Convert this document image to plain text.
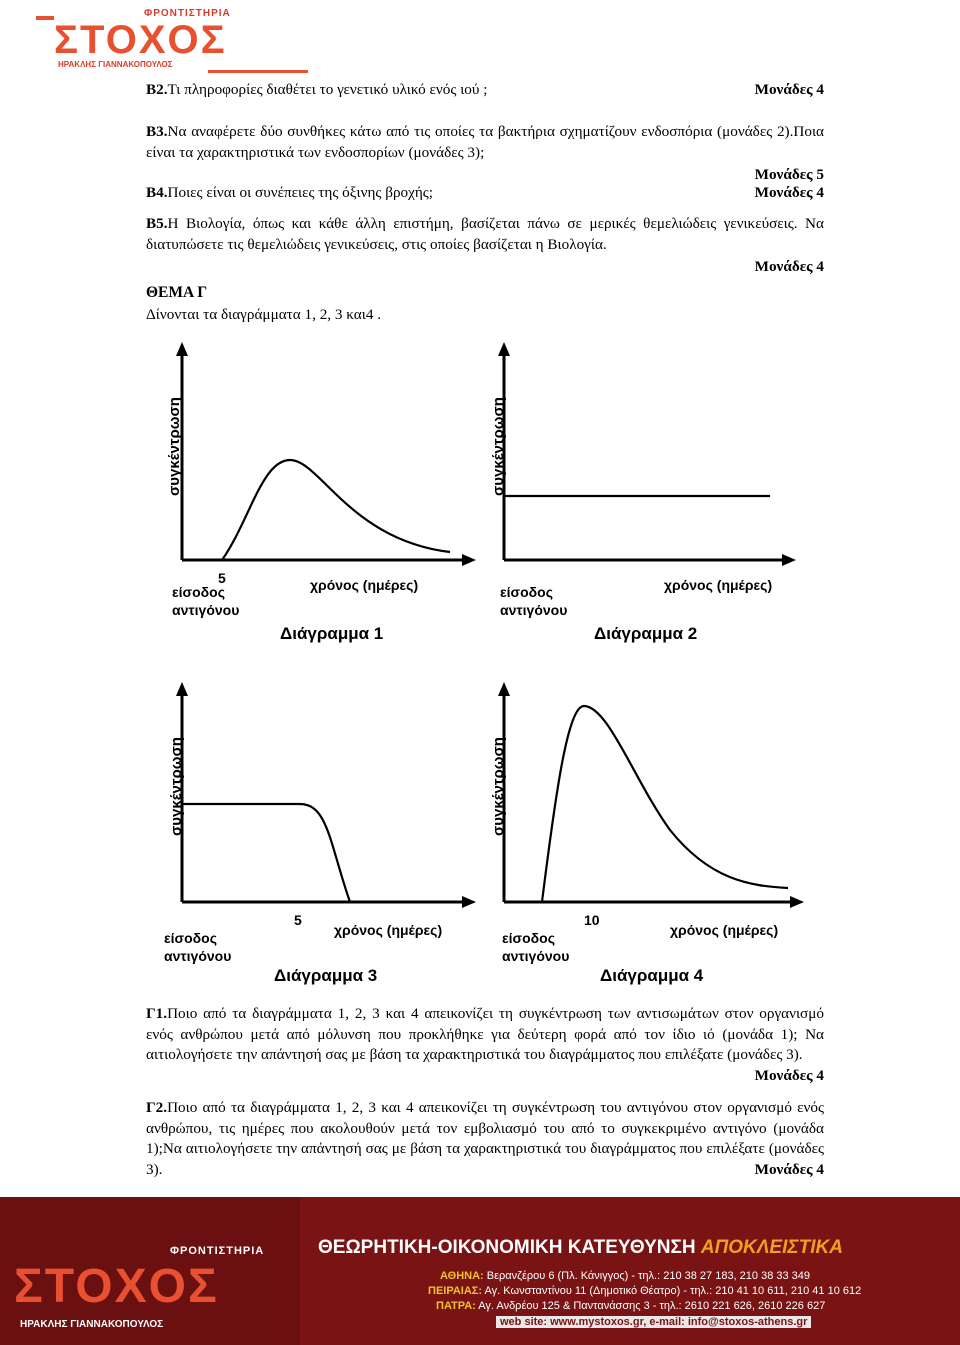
ΦΡΟΝΤΙΣΤΗΡΙΑ
ΣΤΟΧΟΣ
ΗΡΑΚΛΗΣ ΓΙΑΝΝΑΚΟΠΟΥΛΟΣ
Β2.Τι πληροφορίες διαθέτει το γενετικό υλικό ενός ιού ;	Μονάδες 4
Β3.Να αναφέρετε δύο συνθήκες κάτω από τις οποίες τα βακτήρια σχηματίζουν ενδοσπόρια (μονάδες 2).Ποια είναι τα χαρακτηριστικά των ενδοσπορίων (μονάδες 3);
Μονάδες 5
Β4.Ποιες είναι οι συνέπειες της όξινης βροχής;	Μονάδες 4
Β5.Η Βιολογία, όπως και κάθε άλλη επιστήμη, βασίζεται πάνω σε μερικές θεμελιώδεις γενικεύσεις. Να διατυπώσετε τις θεμελιώδεις γενικεύσεις, στις οποίες βασίζεται η Βιολογία.
Μονάδες 4
ΘΕΜΑ Γ
Δίνονται τα διαγράμματα 1, 2, 3 και4 .
συγκέντρωση
5
είσοδος
αντιγόνου
χρόνος (ημέρες)
Διάγραμμα 1
συγκέντρωση
είσοδος
αντιγόνου
χρόνος (ημέρες)
Διάγραμμα 2
συγκέντρωση
5
είσοδος
αντιγόνου
χρόνος (ημέρες)
Διάγραμμα 3
συγκέντρωση
10
είσοδος
αντιγόνου
χρόνος (ημέρες)
Διάγραμμα 4
Γ1.Ποιο από τα διαγράμματα 1, 2, 3 και 4 απεικονίζει τη συγκέντρωση των αντισωμάτων στον οργανισμό ενός ανθρώπου μετά από μόλυνση που προκλήθηκε για δεύτερη φορά από τον ίδιο ιό (μονάδα 1); Να αιτιολογήσετε την απάντησή σας με βάση τα χαρακτηριστικά του διαγράμματος που επιλέξατε (μονάδες 3).
Μονάδες 4
Γ2.Ποιο από τα διαγράμματα 1, 2, 3 και 4 απεικονίζει τη συγκέντρωση του αντιγόνου στον οργανισμό ενός ανθρώπου, τις ημέρες που ακολουθούν μετά τον εμβολιασμό του από το συγκεκριμένο αντιγόνο (μονάδα 1);Να αιτιολογήσετε την απάντησή σας με βάση τα χαρακτηριστικά του διαγράμματος που επιλέξατε (μονάδες 3).	Μονάδες 4
ΦΡΟΝΤΙΣΤΗΡΙΑ
ΣΤΟΧΟΣ
ΗΡΑΚΛΗΣ ΓΙΑΝΝΑΚΟΠΟΥΛΟΣ
ΘΕΩΡΗΤΙΚΗ-ΟΙΚΟΝΟΜΙΚΗ ΚΑΤΕΥΘΥΝΣΗ ΑΠΟΚΛΕΙΣΤΙΚΑ
ΑΘΗΝΑ: Βερανζέρου 6 (Πλ. Κάνιγγος) - τηλ.: 210 38 27 183, 210 38 33 349
ΠΕΙΡΑΙΑΣ: Αγ. Κωνσταντίνου 11 (Δημοτικό Θέατρο) - τηλ.: 210 41 10 611, 210 41 10 612
ΠΑΤΡΑ: Αγ. Ανδρέου 125 & Παντανάσσης 3 - τηλ.: 2610 221 626, 2610 226 627
web site: www.mystoxos.gr, e-mail: info@stoxos-athens.gr
